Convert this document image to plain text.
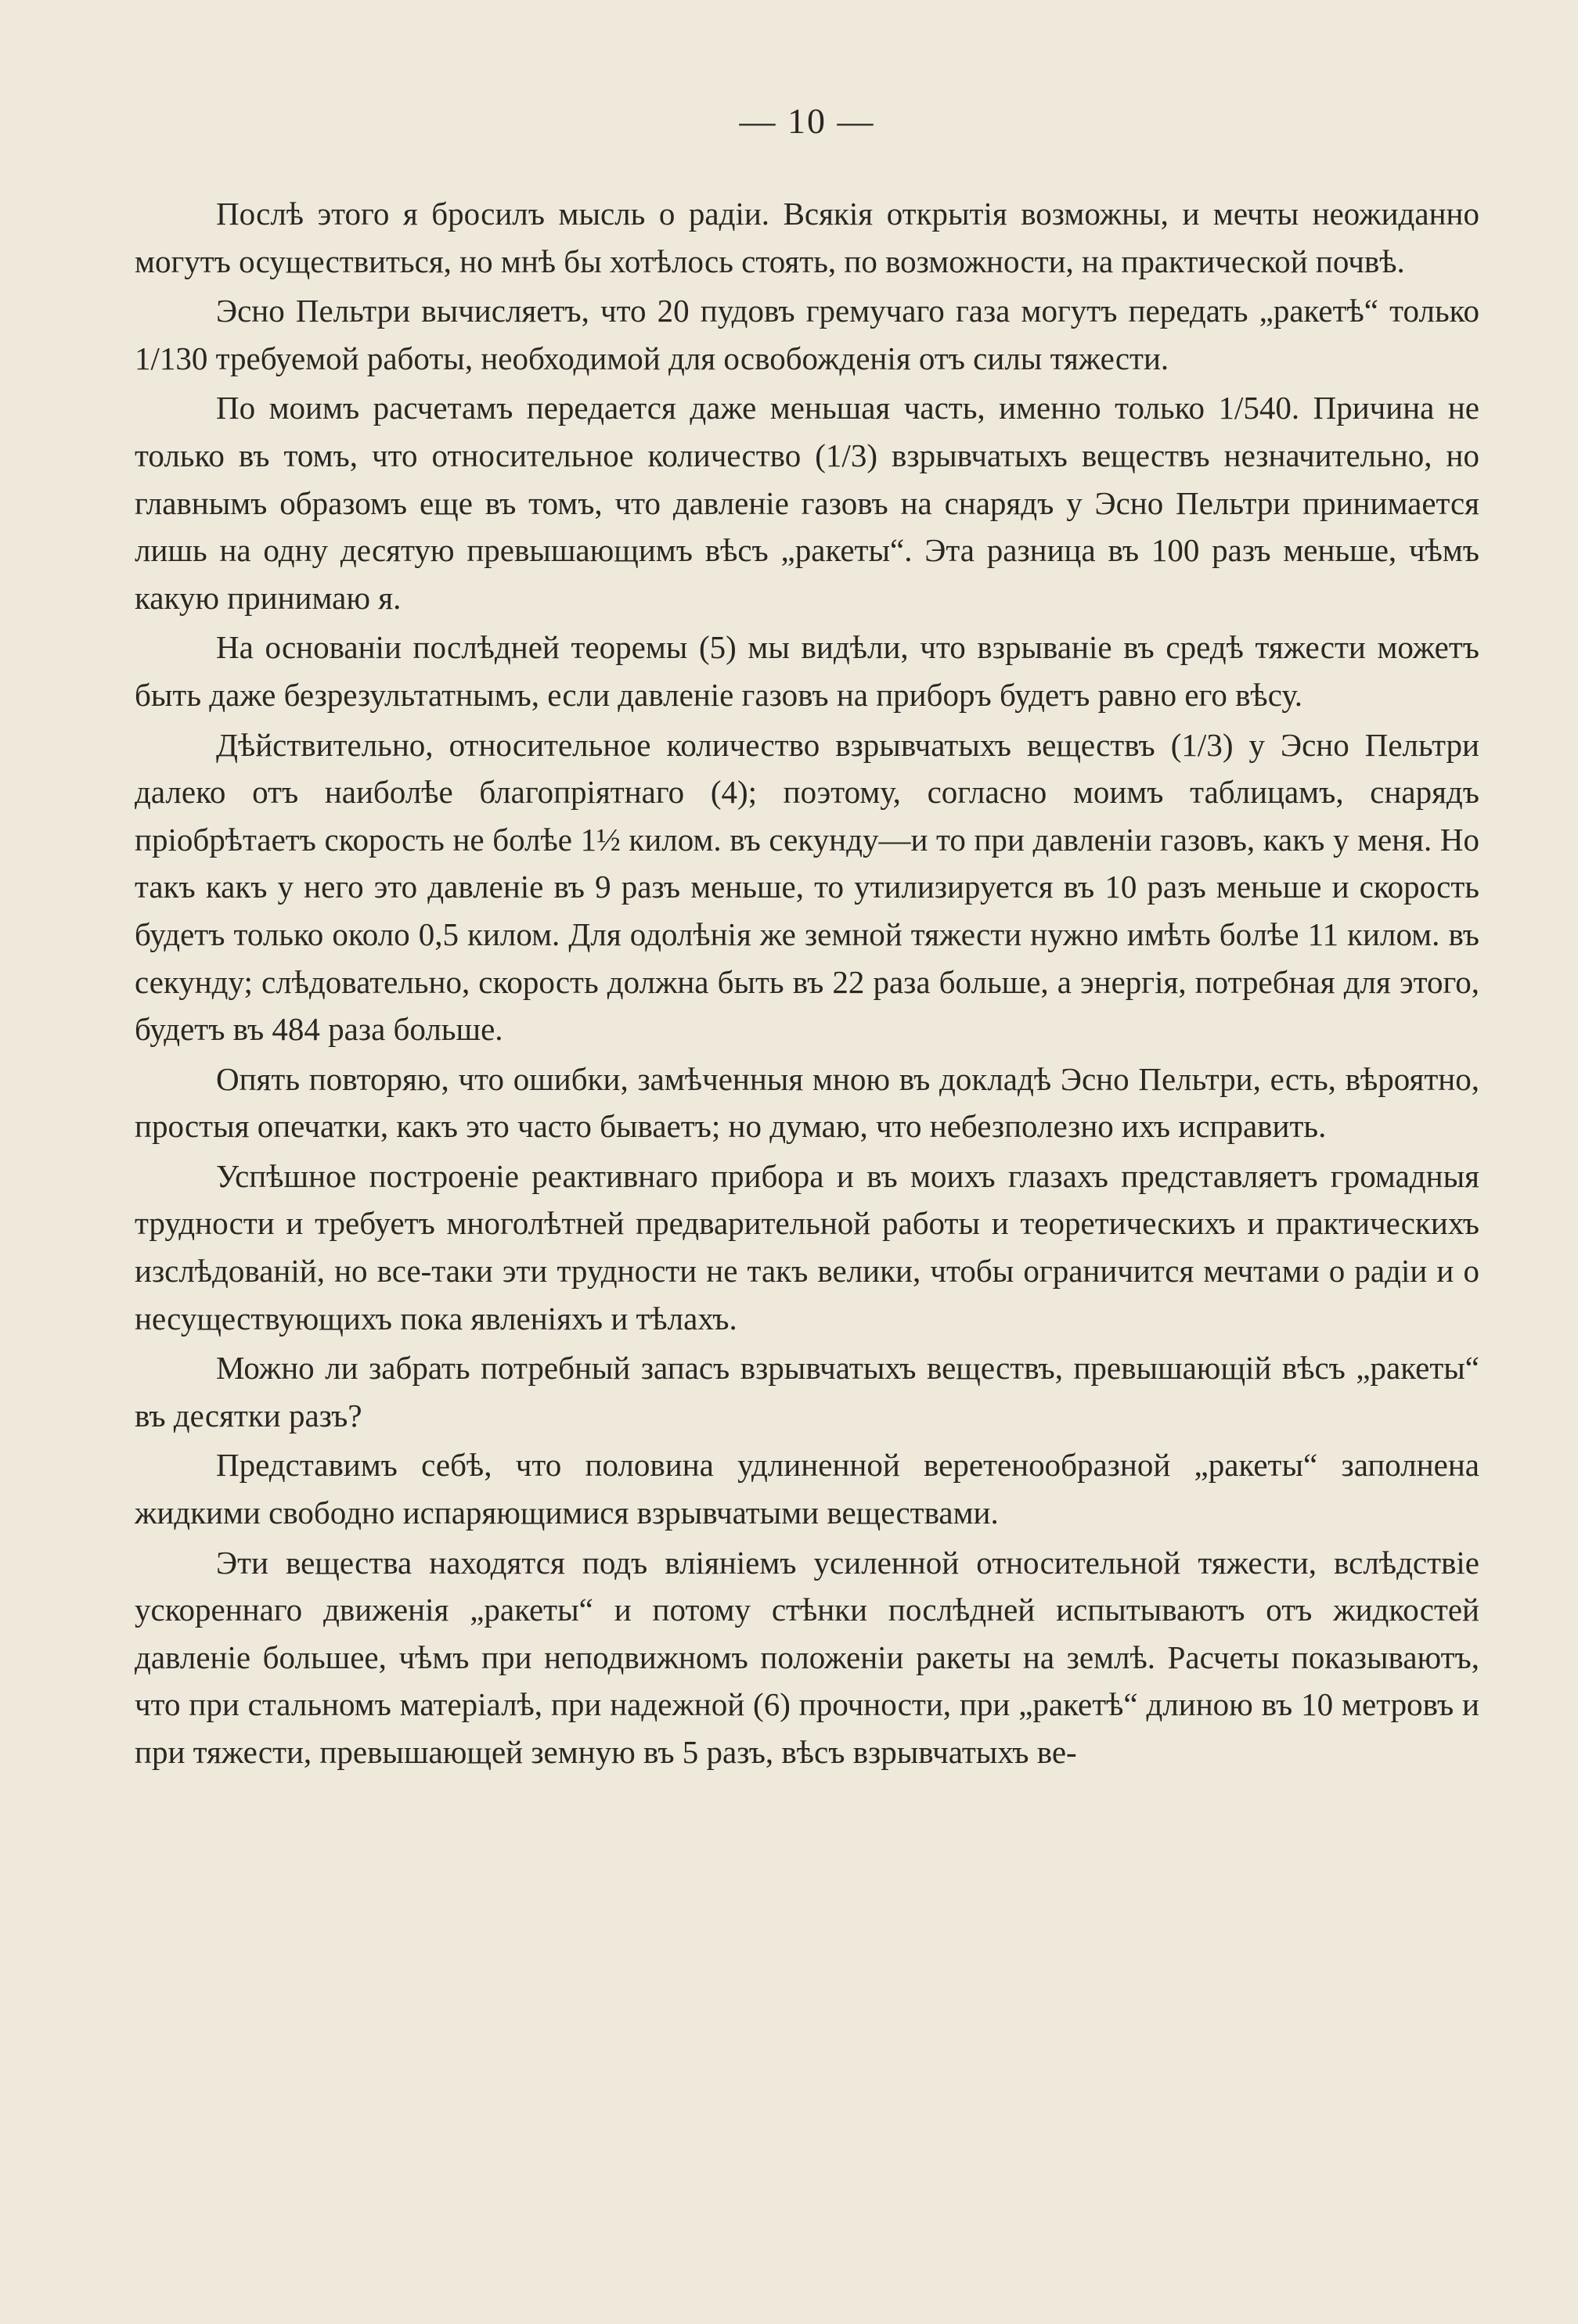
— 10 —

Послѣ этого я бросилъ мысль о радіи. Всякія открытія возможны, и мечты неожиданно могутъ осуществиться, но мнѣ бы хотѣлось стоять, по возможности, на практической почвѣ.

Эсно Пельтри вычисляетъ, что 20 пудовъ гремучаго газа могутъ передать „ракетѣ“ только 1/130 требуемой работы, необходимой для освобожденія отъ силы тяжести.

По моимъ расчетамъ передается даже меньшая часть, именно только 1/540. Причина не только въ томъ, что относительное количество (1/3) взрывчатыхъ веществъ незначительно, но главнымъ образомъ еще въ томъ, что давленіе газовъ на снарядъ у Эсно Пельтри принимается лишь на одну десятую превышающимъ вѣсъ „ракеты“. Эта разница въ 100 разъ меньше, чѣмъ какую принимаю я.

На основаніи послѣдней теоремы (5) мы видѣли, что взрываніе въ средѣ тяжести можетъ быть даже безрезультатнымъ, если давленіе газовъ на приборъ будетъ равно его вѣсу.

Дѣйствительно, относительное количество взрывчатыхъ веществъ (1/3) у Эсно Пельтри далеко отъ наиболѣе благопріятнаго (4); поэтому, согласно моимъ таблицамъ, снарядъ пріобрѣтаетъ скорость не болѣе 1½ килом. въ секунду—и то при давленіи газовъ, какъ у меня. Но такъ какъ у него это давленіе въ 9 разъ меньше, то утилизируется въ 10 разъ меньше и скорость будетъ только около 0,5 килом. Для одолѣнія же земной тяжести нужно имѣть болѣе 11 килом. въ секунду; слѣдовательно, скорость должна быть въ 22 раза больше, а энергія, потребная для этого, будетъ въ 484 раза больше.

Опять повторяю, что ошибки, замѣченныя мною въ докладѣ Эсно Пельтри, есть, вѣроятно, простыя опечатки, какъ это часто бываетъ; но думаю, что небезполезно ихъ исправить.

Успѣшное построеніе реактивнаго прибора и въ моихъ глазахъ представляетъ громадныя трудности и требуетъ многолѣтней предварительной работы и теоретическихъ и практическихъ изслѣдованій, но все-таки эти трудности не такъ велики, чтобы ограничится мечтами о радіи и о несуществующихъ пока явленіяхъ и тѣлахъ.

Можно ли забрать потребный запасъ взрывчатыхъ веществъ, превышающій вѣсъ „ракеты“ въ десятки разъ?

Представимъ себѣ, что половина удлиненной веретенообразной „ракеты“ заполнена жидкими свободно испаряющимися взрывчатыми веществами.

Эти вещества находятся подъ вліяніемъ усиленной относительной тяжести, вслѣдствіе ускореннаго движенія „ракеты“ и потому стѣнки послѣдней испытываютъ отъ жидкостей давленіе большее, чѣмъ при неподвижномъ положеніи ракеты на землѣ. Расчеты показываютъ, что при стальномъ матеріалѣ, при надежной (6) прочности, при „ракетѣ“ длиною въ 10 метровъ и при тяжести, превышающей земную въ 5 разъ, вѣсъ взрывчатыхъ ве-
